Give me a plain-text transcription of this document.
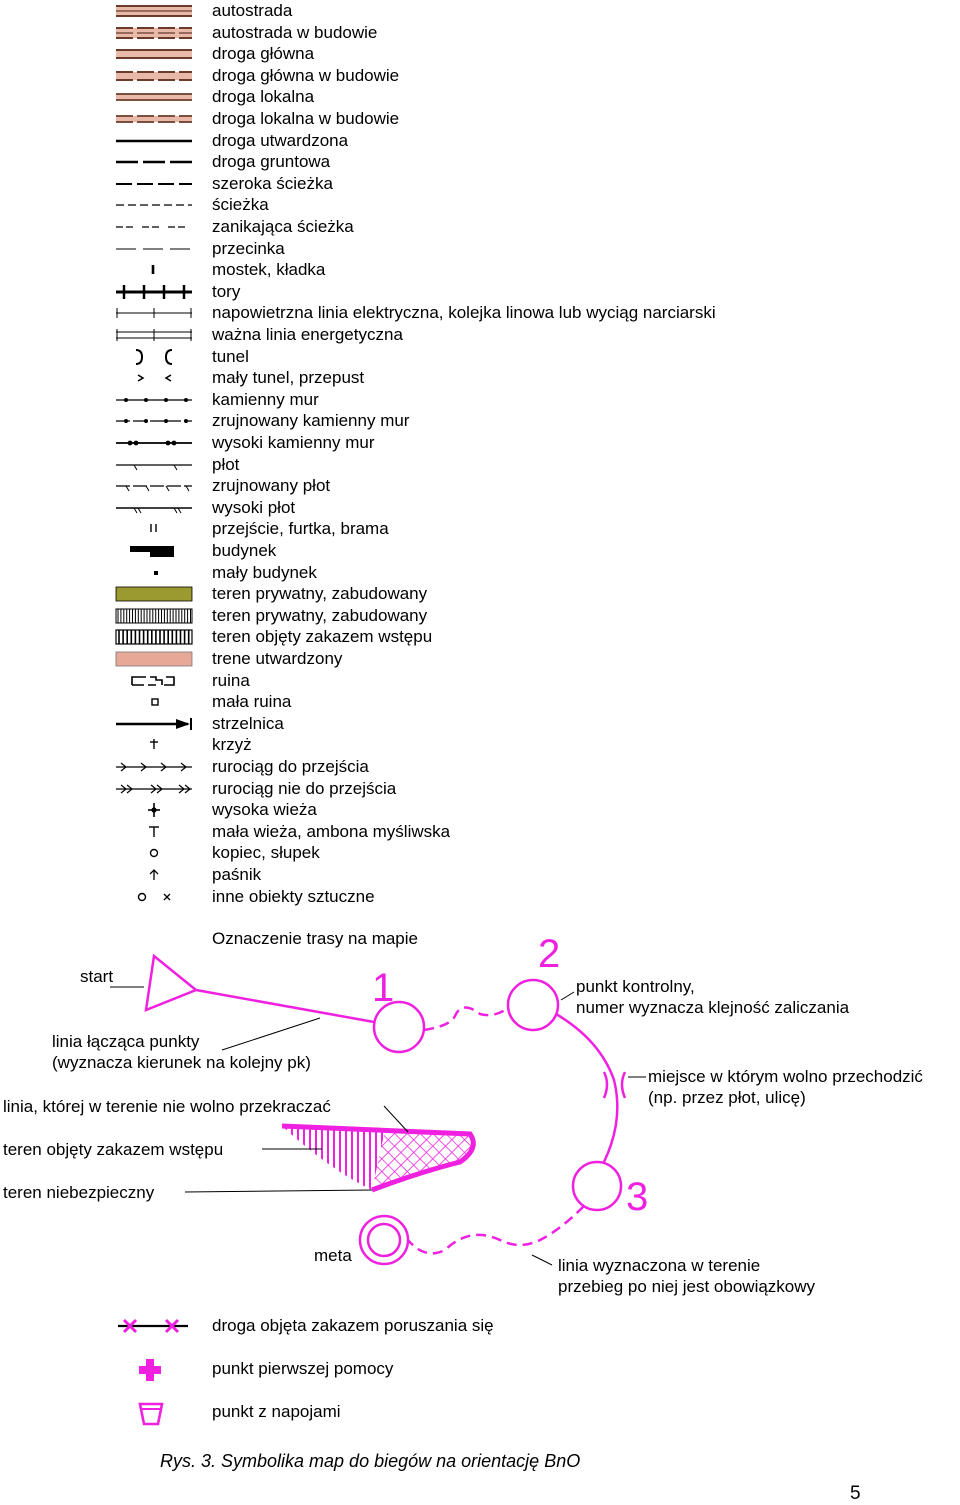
autostrada
autostrada w budowie
droga główna
droga główna w budowie
droga lokalna
droga lokalna w budowie
droga utwardzona
droga gruntowa
szeroka ścieżka
ścieżka
zanikająca ścieżka
przecinka
mostek, kładka
tory
napowietrzna linia elektryczna, kolejka linowa lub wyciąg narciarski
ważna linia energetyczna
tunel
mały tunel, przepust
kamienny mur
zrujnowany kamienny mur
wysoki kamienny mur
płot
zrujnowany płot
wysoki płot
przejście, furtka, brama
budynek
mały budynek
teren prywatny, zabudowany
teren prywatny, zabudowany
teren objęty zakazem wstępu
trene utwardzony
ruina
mała ruina
strzelnica
krzyż
rurociąg do przejścia
rurociąg nie do przejścia
wysoka wieża
mała wieża, ambona myśliwska
kopiec, słupek
paśnik
inne obiekty sztuczne
Oznaczenie trasy na mapie
start
linia łącząca punkty
(wyznacza kierunek na kolejny pk)
linia, której w terenie nie wolno przekraczać
teren objęty zakazem wstępu
teren niebezpieczny
meta
punkt kontrolny,
numer wyznacza klejność zaliczania
miejsce w którym wolno przechodzić
(np. przez płot, ulicę)
linia wyznaczona w terenie
przebieg po niej jest obowiązkowy
1
2
3
droga objęta zakazem poruszania się
punkt pierwszej pomocy
punkt z napojami
Rys. 3. Symbolika map do biegów na orientację BnO
5
